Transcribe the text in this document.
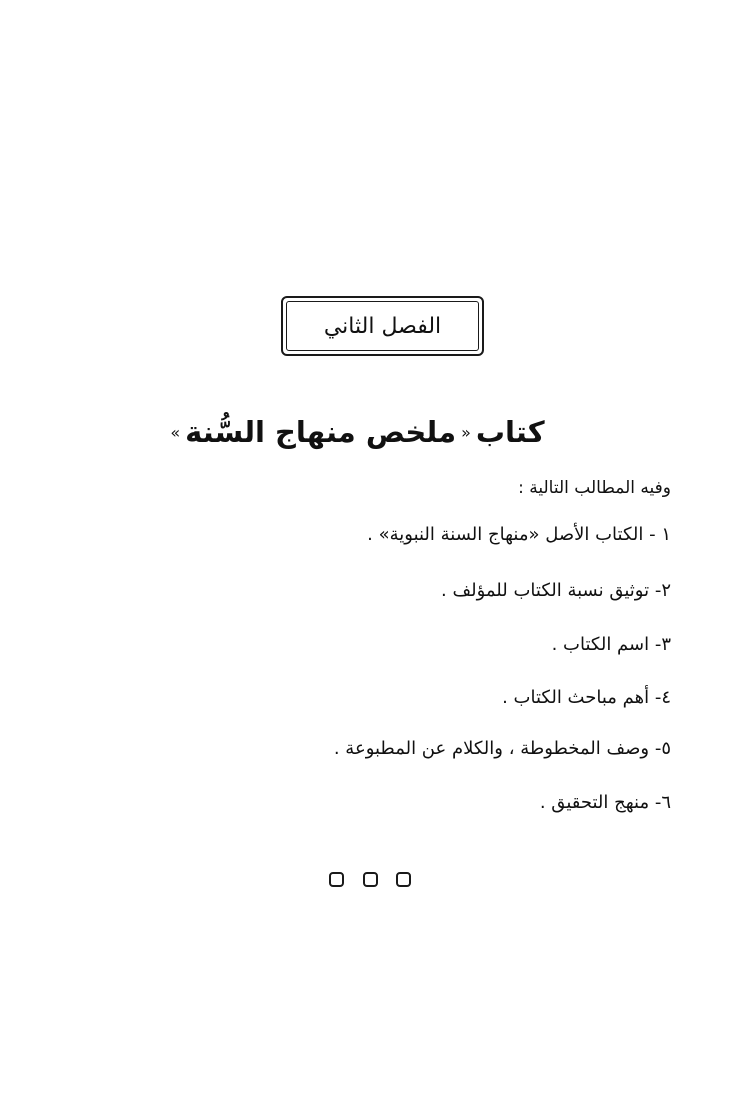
الفصل الثاني
كتاب
«
ملخص منهاج السُّنة
»
وفيه المطالب التالية :
١ - الكتاب الأصل «منهاج السنة النبوية» .
٢- توثيق نسبة الكتاب للمؤلف .
٣- اسم الكتاب .
٤- أهم مباحث الكتاب .
٥- وصف المخطوطة ، والكلام عن المطبوعة .
٦- منهج التحقيق .
